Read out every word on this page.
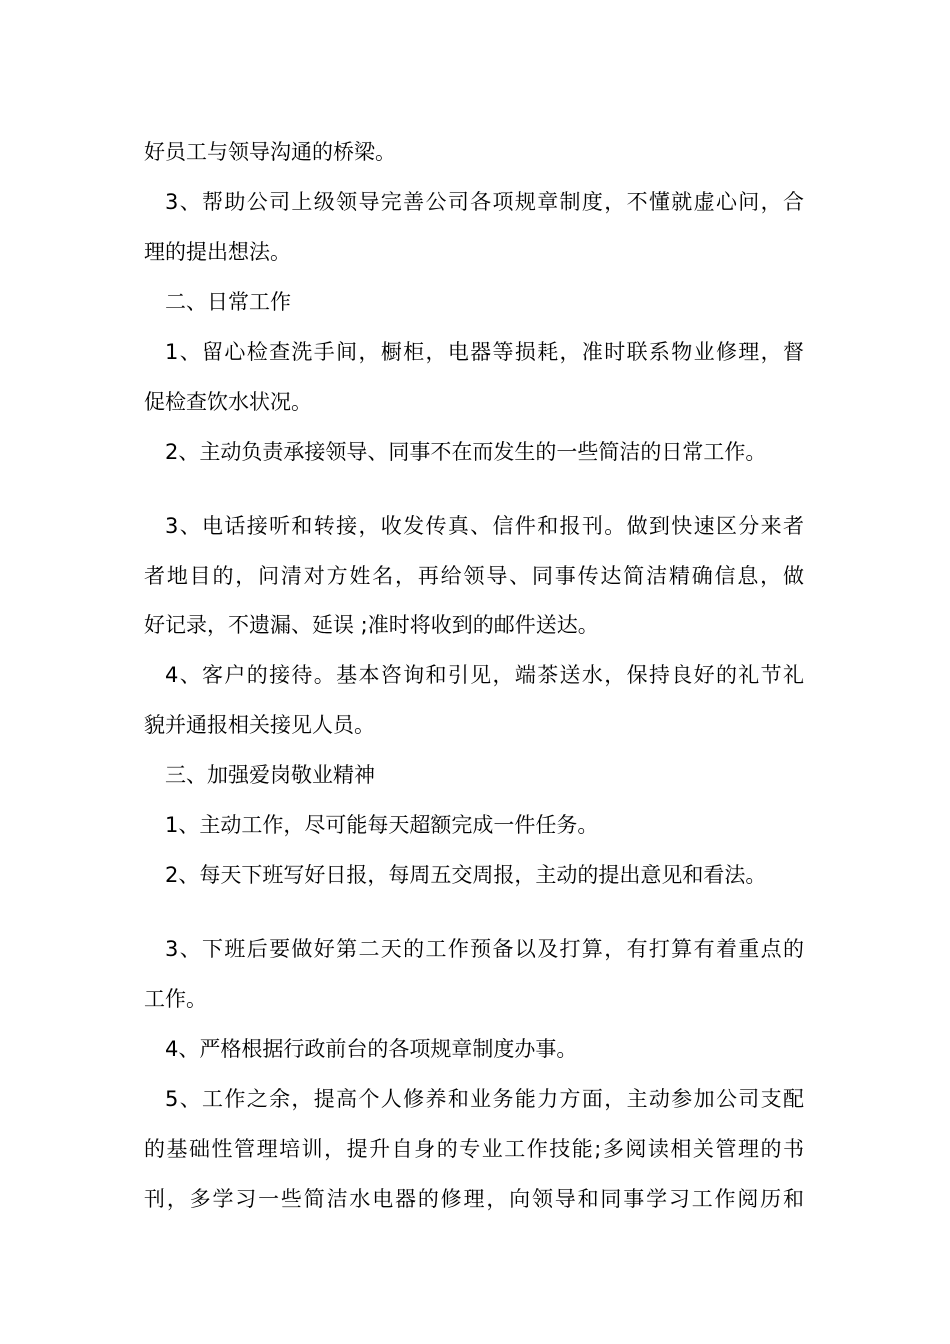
好员工与领导沟通的桥梁。
3、帮助公司上级领导完善公司各项规章制度，不懂就虚心问，合
理的提出想法。
二、日常工作
1、留心检查洗手间，橱柜，电器等损耗，准时联系物业修理，督
促检查饮水状况。
2、主动负责承接领导、同事不在而发生的一些简洁的日常工作。
3、电话接听和转接，收发传真、信件和报刊。做到快速区分来者
者地目的，问清对方姓名，再给领导、同事传达简洁精确信息，做
好记录，不遗漏、延误 ;准时将收到的邮件送达。
4、客户的接待。基本咨询和引见，端茶送水，保持良好的礼节礼
貌并通报相关接见人员。
三、加强爱岗敬业精神
1、主动工作，尽可能每天超额完成一件任务。
2、每天下班写好日报，每周五交周报，主动的提出意见和看法。
3、下班后要做好第二天的工作预备以及打算，有打算有着重点的
工作。
4、严格根据行政前台的各项规章制度办事。
5、工作之余，提高个人修养和业务能力方面，主动参加公司支配
的基础性管理培训，提升自身的专业工作技能;多阅读相关管理的书
刊，多学习一些简洁水电器的修理，向领导和同事学习工作阅历和
